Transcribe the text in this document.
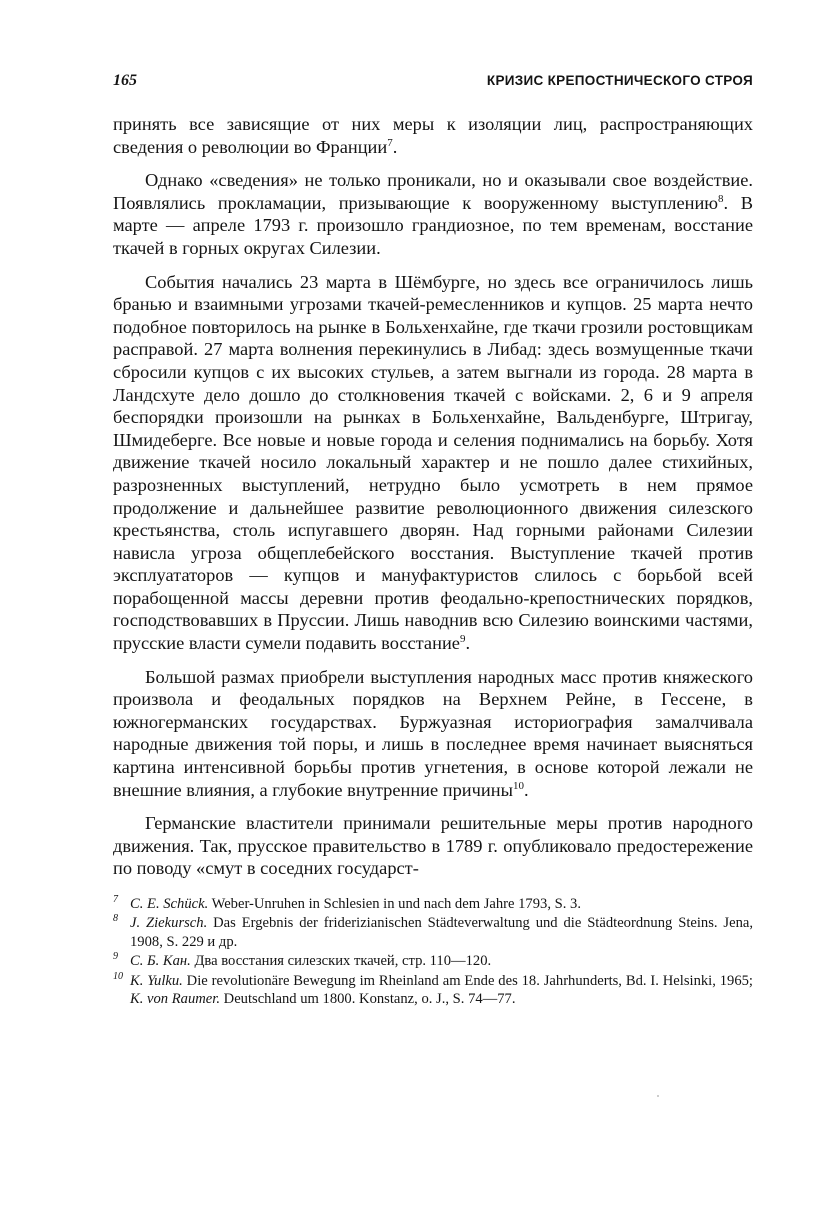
165	КРИЗИС КРЕПОСТНИЧЕСКОГО СТРОЯ

принять все зависящие от них меры к изоляции лиц, распространяющих сведения о революции во Франции$^7$.

Однако «сведения» не только проникали, но и оказывали свое воздействие. Появлялись прокламации, призывающие к вооруженному выступлению$^8$. В марте — апреле 1793 г. произошло грандиозное, по тем временам, восстание ткачей в горных округах Силезии.

События начались 23 марта в Шёмбурге, но здесь все ограничилось лишь бранью и взаимными угрозами ткачей-ремесленников и купцов. 25 марта нечто подобное повторилось на рынке в Больхенхайне, где ткачи грозили ростовщикам расправой. 27 марта волнения перекинулись в Либад: здесь возмущенные ткачи сбросили купцов с их высоких стульев, а затем выгнали из города. 28 марта в Ландсхуте дело дошло до столкновения ткачей с войсками. 2, 6 и 9 апреля беспорядки произошли на рынках в Больхенхайне, Вальденбурге, Штригау, Шмидеберге. Все новые и новые города и селения поднимались на борьбу. Хотя движение ткачей носило локальный характер и не пошло далее стихийных, разрозненных выступлений, нетрудно было усмотреть в нем прямое продолжение и дальнейшее развитие революционного движения силезского крестьянства, столь испугавшего дворян. Над горными районами Силезии нависла угроза общеплебейского восстания. Выступление ткачей против эксплуататоров — купцов и мануфактуристов слилось с борьбой всей порабощенной массы деревни против феодально-крепостнических порядков, господствовавших в Пруссии. Лишь наводнив всю Силезию воинскими частями, прусские власти сумели подавить восстание$^9$.

Большой размах приобрели выступления народных масс против княжеского произвола и феодальных порядков на Верхнем Рейне, в Гессене, в южногерманских государствах. Буржуазная историография замалчивала народные движения той поры, и лишь в последнее время начинает выясняться картина интенсивной борьбы против угнетения, в основе которой лежали не внешние влияния, а глубокие внутренние причины$^{10}$.

Германские властители принимали решительные меры против народного движения. Так, прусское правительство в 1789 г. опубликовало предостережение по поводу «смут в соседних государст-

7 C. E. Schück. Weber-Unruhen in Schlesien in und nach dem Jahre 1793, S. 3.
8 J. Ziekursch. Das Ergebnis der friderizianischen Städteverwaltung und die Städteordnung Steins. Jena, 1908, S. 229 и др.
9 С. Б. Кан. Два восстания силезских ткачей, стр. 110—120.
10 K. Yulku. Die revolutionäre Bewegung im Rheinland am Ende des 18. Jahrhunderts, Bd. I. Helsinki, 1965; K. von Raumer. Deutschland um 1800. Konstanz, o. J., S. 74—77.
